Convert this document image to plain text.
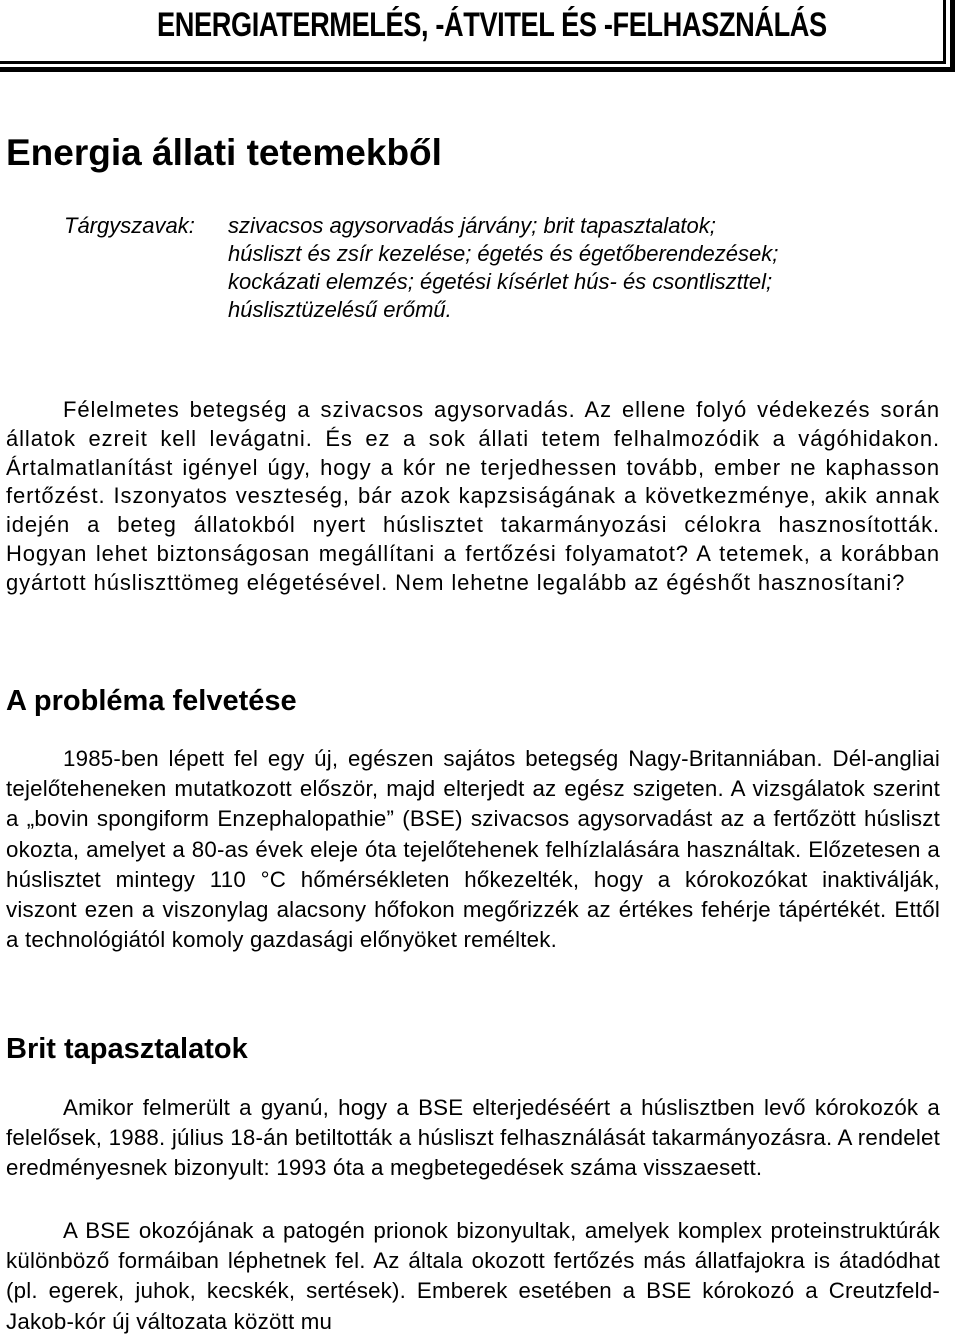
ENERGIATERMELÉS, -ÁTVITEL ÉS -FELHASZNÁLÁS
Energia állati tetemekből
Tárgyszavak: szivacsos agysorvadás járvány; brit tapasztalatok;
húsliszt és zsír kezelése; égetés és égetőberendezések;
kockázati elemzés; égetési kísérlet hús- és csontliszttel;
húslisztüzelésű erőmű.

Félelmetes betegség a szivacsos agysorvadás. Az ellene folyó védekezés során állatok ezreit kell levágatni. És ez a sok állati tetem felhalmozódik a vágóhidakon. Ártalmatlanítást igényel úgy, hogy a kór ne terjedhessen tovább, ember ne kaphasson fertőzést. Iszonyatos veszteség, bár azok kapzsiságának a következménye, akik annak idején a beteg állatokból nyert húslisztet takarmányozási célokra hasznosították. Hogyan lehet biztonságosan megállítani a fertőzési folyamatot? A tetemek, a korábban gyártott húsliszttömeg elégetésével. Nem lehetne legalább az égéshőt hasznosítani?

A probléma felvetése

1985-ben lépett fel egy új, egészen sajátos betegség Nagy-Britanniában. Dél-angliai tejelőteheneken mutatkozott először, majd elterjedt az egész szigeten. A vizsgálatok szerint a „bovin spongiform Enzephalopathie” (BSE) szivacsos agysorvadást az a fertőzött húsliszt okozta, amelyet a 80-as évek eleje óta tejelőtehenek felhízlalására használtak. Előzetesen a húslisztet mintegy 110 °C hőmérsékleten hőkezelték, hogy a kórokozókat inaktiválják, viszont ezen a viszonylag alacsony hőfokon megőrizzék az értékes fehérje tápértékét. Ettől a technológiától komoly gazdasági előnyöket reméltek.

Brit tapasztalatok

Amikor felmerült a gyanú, hogy a BSE elterjedéséért a húslisztben levő kórokozók a felelősek, 1988. július 18-án betiltották a húsliszt felhasználását takarmányozásra. A rendelet eredményesnek bizonyult: 1993 óta a megbetegedések száma visszaesett.

A BSE okozójának a patogén prionok bizonyultak, amelyek komplex proteinstruktúrák különböző formáiban léphetnek fel. Az általa okozott fertőzés más állatfajokra is átadódhat (pl. egerek, juhok, kecskék, sertések). Emberek esetében a BSE kórokozó a Creutzfeld-Jakob-kór új változata között mu
